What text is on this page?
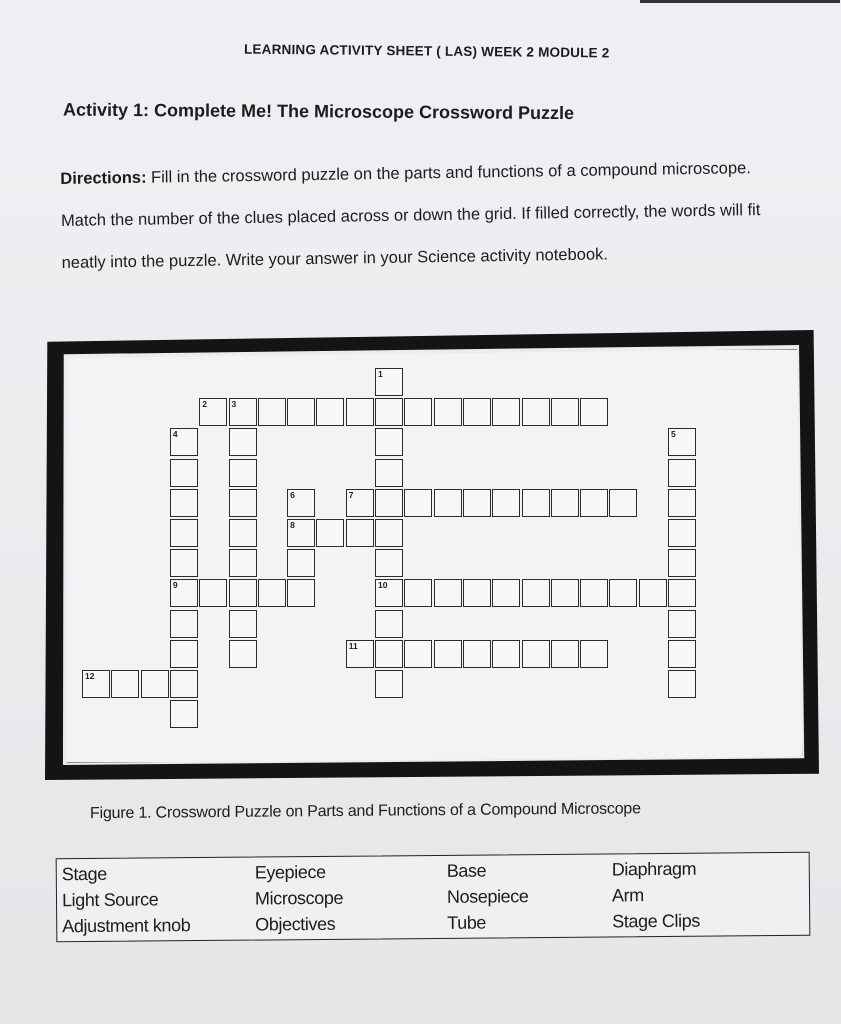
LEARNING ACTIVITY SHEET ( LAS) WEEK 2 MODULE 2
Activity 1: Complete Me! The Microscope Crossword Puzzle
Directions: Fill in the crossword puzzle on the parts and functions of a compound microscope. Match the number of the clues placed across or down the grid. If filled correctly, the words will fit neatly into the puzzle. Write your answer in your Science activity notebook.
1
10
2	3
4
9
5
6
8
7
11
12
Figure 1. Crossword Puzzle on Parts and Functions of a Compound Microscope
Stage
Light Source
Adjustment knob
Eyepiece
Microscope
Objectives
Base
Nosepiece
Tube
Diaphragm
Arm
Stage Clips
